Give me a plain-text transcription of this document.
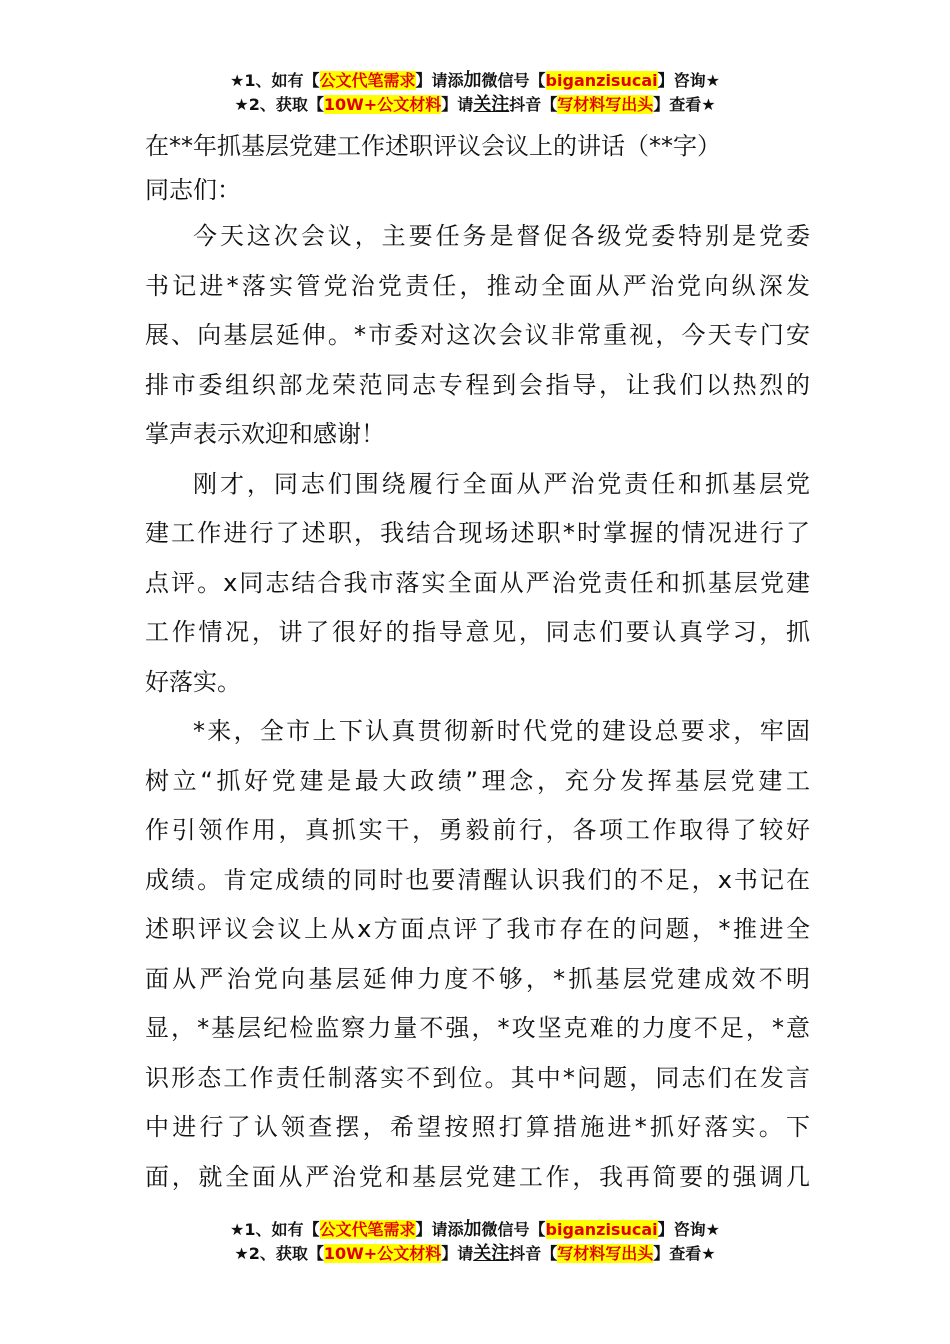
★1、如有【公文代笔需求】请添加微信号【biganzisucai】咨询★
★2、获取【10W+公文材料】请关注抖音【写材料写出头】查看★
在**年抓基层党建工作述职评议会议上的讲话（**字）
同志们：

今天这次会议，主要任务是督促各级党委特别是党委
书记进*落实管党治党责任，推动全面从严治党向纵深发
展、向基层延伸。*市委对这次会议非常重视，今天专门安
排市委组织部龙荣范同志专程到会指导，让我们以热烈的
掌声表示欢迎和感谢！

刚才，同志们围绕履行全面从严治党责任和抓基层党
建工作进行了述职，我结合现场述职*时掌握的情况进行了
点评。x同志结合我市落实全面从严治党责任和抓基层党建
工作情况，讲了很好的指导意见，同志们要认真学习，抓
好落实。

*来，全市上下认真贯彻新时代党的建设总要求，牢固
树立“抓好党建是最大政绩”理念，充分发挥基层党建工
作引领作用，真抓实干，勇毅前行，各项工作取得了较好
成绩。肯定成绩的同时也要清醒认识我们的不足，x书记在
述职评议会议上从x方面点评了我市存在的问题，*推进全
面从严治党向基层延伸力度不够，*抓基层党建成效不明
显，*基层纪检监察力量不强，*攻坚克难的力度不足，*意
识形态工作责任制落实不到位。其中*问题，同志们在发言
中进行了认领查摆，希望按照打算措施进*抓好落实。下
面，就全面从严治党和基层党建工作，我再简要的强调几

★1、如有【公文代笔需求】请添加微信号【biganzisucai】咨询★
★2、获取【10W+公文材料】请关注抖音【写材料写出头】查看★
